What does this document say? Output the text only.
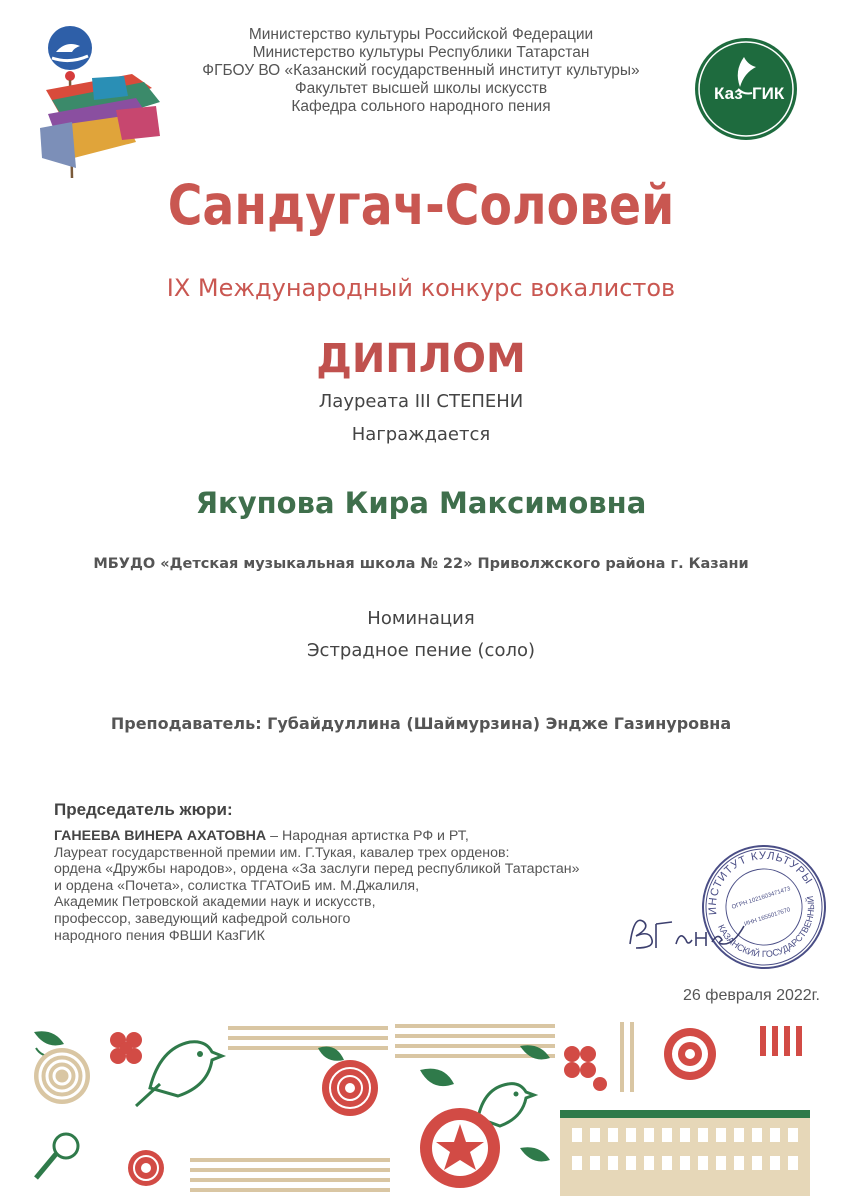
Министерство культуры Российской Федерации
Министерство культуры Республики Татарстан
ФГБОУ ВО «Казанский государственный институт культуры»
Факультет высшей школы искусств
Кафедра сольного народного пения
Каз ГИК
Сандугач-Соловей
IX Международный конкурс вокалистов
ДИПЛОМ
Лауреата III СТЕПЕНИ
Награждается
Якупова Кира Максимовна
МБУДО «Детская музыкальная школа № 22» Приволжского района г. Казани
Номинация
Эстрадное пение (соло)
Преподаватель: Губайдуллина (Шаймурзина) Эндже Газинуровна
Председатель жюри:
ГАНЕЕВА ВИНЕРА АХАТОВНА – Народная артистка РФ и РТ,
Лауреат государственной премии им. Г.Тукая, кавалер трех орденов:
ордена «Дружбы народов», ордена «За заслуги перед республикой Татарстан»
и ордена «Почета», солистка ТГАТОиБ им. М.Джалиля,
Академик Петровской академии наук и искусств,
профессор, заведующий кафедрой сольного
народного пения ФВШИ КазГИК
ИНСТИТУТ КУЛЬТУРЫ
КАЗАНСКИЙ ГОСУДАРСТВЕННЫЙ
ОГРН 1021603471473
ИНН 1655017670
26 февраля 2022г.
